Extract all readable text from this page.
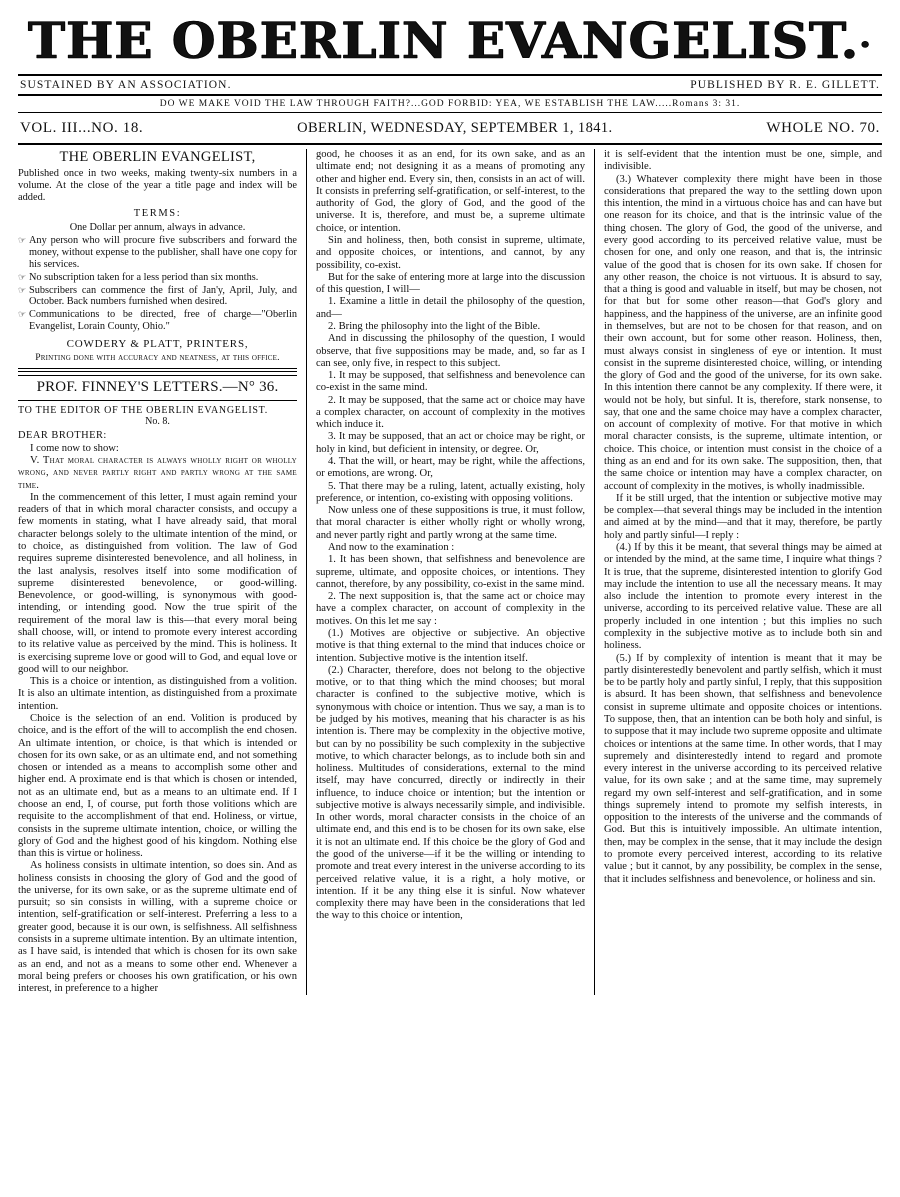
THE OBERLIN EVANGELIST.·
SUSTAINED BY AN ASSOCIATION.	PUBLISHED BY R. E. GILLETT.
DO WE MAKE VOID THE LAW THROUGH FAITH?...GOD FORBID: YEA, WE ESTABLISH THE LAW.....Romans 3: 31.
VOL. III...NO. 18.	OBERLIN, WEDNESDAY, SEPTEMBER 1, 1841.	WHOLE NO. 70.
THE OBERLIN EVANGELIST,
Published once in two weeks, making twenty-six numbers in a volume. At the close of the year a title page and index will be added.
TERMS:
One Dollar per annum, always in advance.
☞ Any person who will procure five subscribers and forward the money, without expense to the publisher, shall have one copy for his services.
☞ No subscription taken for a less period than six months.
☞ Subscribers can commence the first of Jan'y, April, July, and October. Back numbers furnished when desired.
☞ Communications to be directed, free of charge—"Oberlin Evangelist, Lorain County, Ohio."
COWDERY & PLATT, PRINTERS,
Printing done with accuracy and neatness, at this office.
PROF. FINNEY'S LETTERS.—N° 36.

TO THE EDITOR OF THE OBERLIN EVANGELIST.

No. 8.

DEAR BROTHER:

I come now to show:

V. That moral character is always wholly right or wholly wrong, and never partly right and partly wrong at the same time.

In the commencement of this letter, I must again remind your readers of that in which moral character consists, and occupy a few moments in stating, what I have already said, that moral character belongs solely to the ultimate intention of the mind, or to choice, as distinguished from volition. The law of God requires supreme disinterested benevolence, and all holiness, in the last analysis, resolves itself into some modification of supreme disinterested benevolence, or good-willing. Benevolence, or good-willing, is synonymous with good-intending, or intending good. Now the true spirit of the requirement of the moral law is this—that every moral being shall choose, will, or intend to promote every interest according to its relative value as perceived by the mind. This is holiness. It is exercising supreme love or good will to God, and equal love or good will to our neighbor.

This is a choice or intention, as distinguished from a volition. It is also an ultimate intention, as distinguished from a proximate intention.

Choice is the selection of an end. Volition is produced by choice, and is the effort of the will to accomplish the end chosen. An ultimate intention, or choice, is that which is intended or chosen for its own sake, or as an ultimate end, and not something chosen or intended as a means to accomplish some other and higher end. A proximate end is that which is chosen or intended, not as an ultimate end, but as a means to an ultimate end. If I choose an end, I, of course, put forth those volitions which are requisite to the accomplishment of that end. Holiness, or virtue, consists in the supreme ultimate intention, choice, or willing the glory of God and the highest good of his kingdom. Nothing else than this is virtue or holiness.

As holiness consists in ultimate intention, so does sin. And as holiness consists in choosing the glory of God and the good of the universe, for its own sake, or as the supreme ultimate end of pursuit; so sin consists in willing, with a supreme choice or intention, self-gratification or self-interest. Preferring a less to a greater good, because it is our own, is selfishness. All selfishness consists in a supreme ultimate intention. By an ultimate intention, as I have said, is intended that which is chosen for its own sake as an end, and not as a means to some other end. Whenever a moral being prefers or chooses his own gratification, or his own interest, in preference to a higher

good, he chooses it as an end, for its own sake, and as an ultimate end; not designing it as a means of promoting any other and higher end. Every sin, then, consists in an act of will. It consists in preferring self-gratification, or self-interest, to the authority of God, the glory of God, and the good of the universe. It is, therefore, and must be, a supreme ultimate choice, or intention.

Sin and holiness, then, both consist in supreme, ultimate, and opposite choices, or intentions, and cannot, by any possibility, co-exist.

But for the sake of entering more at large into the discussion of this question, I will—

1. Examine a little in detail the philosophy of the question, and—

2. Bring the philosophy into the light of the Bible.

And in discussing the philosophy of the question, I would observe, that five suppositions may be made, and, so far as I can see, only five, in respect to this subject.

1. It may be supposed, that selfishness and benevolence can co-exist in the same mind.

2. It may be supposed, that the same act or choice may have a complex character, on account of complexity in the motives which induce it.

3. It may be supposed, that an act or choice may be right, or holy in kind, but deficient in intensity, or degree. Or,

4. That the will, or heart, may be right, while the affections, or emotions, are wrong. Or,

5. That there may be a ruling, latent, actually existing, holy preference, or intention, co-existing with opposing volitions.

Now unless one of these suppositions is true, it must follow, that moral character is either wholly right or wholly wrong, and never partly right and partly wrong at the same time.

And now to the examination :

1. It has been shown, that selfishness and benevolence are supreme, ultimate, and opposite choices, or intentions. They cannot, therefore, by any possibility, co-exist in the same mind.

2. The next supposition is, that the same act or choice may have a complex character, on account of complexity in the motives. On this let me say :

(1.) Motives are objective or subjective. An objective motive is that thing external to the mind that induces choice or intention. Subjective motive is the intention itself.

(2.) Character, therefore, does not belong to the objective motive, or to that thing which the mind chooses; but moral character is confined to the subjective motive, which is synonymous with choice or intention. Thus we say, a man is to be judged by his motives, meaning that his character is as his intention is. There may be complexity in the objective motive, but can by no possibility be such complexity in the subjective motive, to which character belongs, as to include both sin and holiness. Multitudes of considerations, external to the mind itself, may have concurred, directly or indirectly in their influence, to induce choice or intention; but the intention or subjective motive is always necessarily simple, and indivisible. In other words, moral character consists in the choice of an ultimate end, and this end is to be chosen for its own sake, else it is not an ultimate end. If this choice be the glory of God and the good of the universe—if it be the willing or intending to promote and treat every interest in the universe according to its perceived relative value, it is a right, a holy motive, or intention. If it be any thing else it is sinful. Now whatever complexity there may have been in the considerations that led the way to this choice or intention,

it is self-evident that the intention must be one, simple, and indivisible.

(3.) Whatever complexity there might have been in those considerations that prepared the way to the settling down upon this intention, the mind in a virtuous choice has and can have but one reason for its choice, and that is the intrinsic value of the thing chosen. The glory of God, the good of the universe, and every good according to its perceived relative value, must be chosen for one, and only one reason, and that is, the intrinsic value of the good that is chosen for its own sake. If chosen for any other reason, the choice is not virtuous. It is absurd to say, that a thing is good and valuable in itself, but may be chosen, not for that but for some other reason—that God's glory and happiness, and the happiness of the universe, are an infinite good in themselves, but are not to be chosen for that reason, and on their own account, but for some other reason. Holiness, then, must always consist in singleness of eye or intention. It must consist in the supreme disinterested choice, willing, or intending the glory of God and the good of the universe, for its own sake. In this intention there cannot be any complexity. If there were, it would not be holy, but sinful. It is, therefore, stark nonsense, to say, that one and the same choice may have a complex character, on account of complexity of motive. For that motive in which moral character consists, is the supreme, ultimate intention, or choice. This choice, or intention must consist in the choice of a thing as an end and for its own sake. The supposition, then, that the same choice or intention may have a complex character, on account of complexity in the motives, is wholly inadmissible.

If it be still urged, that the intention or subjective motive may be complex—that several things may be included in the intention and aimed at by the mind—and that it may, therefore, be partly holy and partly sinful—I reply :

(4.) If by this it be meant, that several things may be aimed at or intended by the mind, at the same time, I inquire what things ? It is true, that the supreme, disinterested intention to glorify God may include the intention to use all the necessary means. It may also include the intention to promote every interest in the universe, according to its perceived relative value. These are all properly included in one intention ; but this implies no such complexity in the subjective motive as to include both sin and holiness.

(5.) If by complexity of intention is meant that it may be partly disinterestedly benevolent and partly selfish, which it must be to be partly holy and partly sinful, I reply, that this supposition is absurd. It has been shown, that selfishness and benevolence consist in supreme ultimate and opposite choices or intentions. To suppose, then, that an intention can be both holy and sinful, is to suppose that it may include two supreme opposite and ultimate choices or intentions at the same time. In other words, that I may supremely and disinterestedly intend to regard and promote every interest in the universe according to its perceived relative value, for its own sake ; and at the same time, may supremely regard my own self-interest and self-gratification, and in some things supremely intend to promote my selfish interests, in opposition to the interests of the universe and the commands of God. But this is intuitively impossible. An ultimate intention, then, may be complex in the sense, that it may include the design to promote every perceived interest, according to its relative value ; but it cannot, by any possibility, be complex in the sense, that it includes selfishness and benevolence, or holiness and sin.
